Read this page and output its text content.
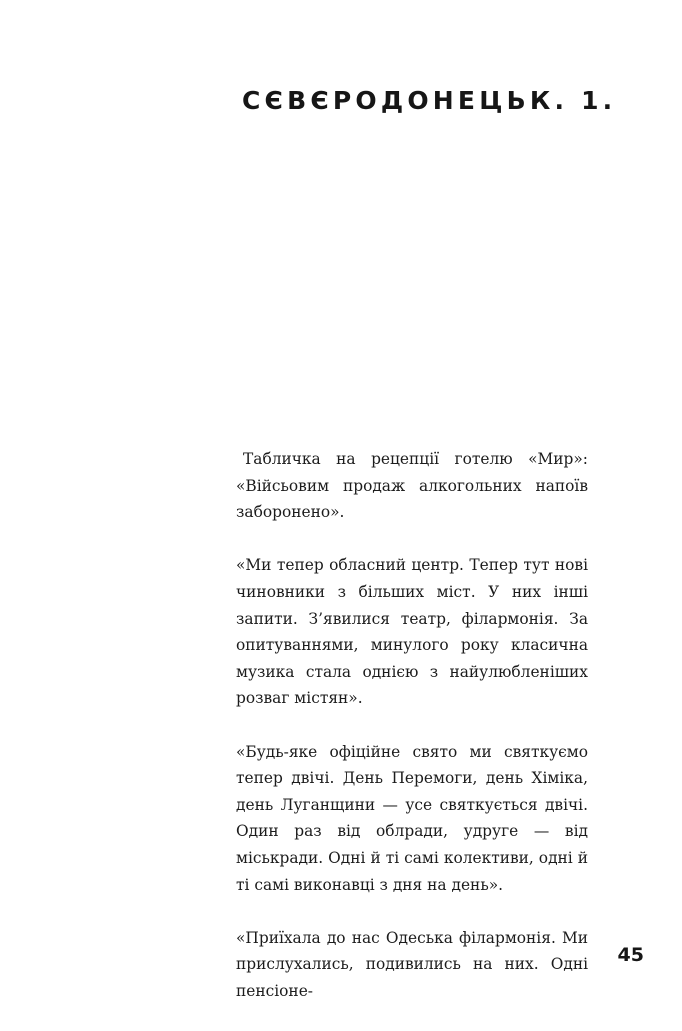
СЄВЄРОДОНЕЦЬК. 1.

Табличка на рецепції готелю «Мир»: «Війсьовим продаж алкогольних напоїв заборонено».

«Ми тепер обласний центр. Тепер тут нові чиновники з більших міст. У них інші запити. З’явилися театр, філармонія. За опитуваннями, минулого року класична музика стала однією з найулюбленіших розваг містян».

«Будь-яке офіційне свято ми святкуємо тепер двічі. День Перемоги, день Хіміка, день Луганщини — усе святкується двічі. Один раз від облради, удруге — від міськради. Одні й ті самі колективи, одні й ті самі виконавці з дня на день».

«Приїхала до нас Одеська філармонія. Ми прислухались, подивились на них. Одні пенсіоне-

45
